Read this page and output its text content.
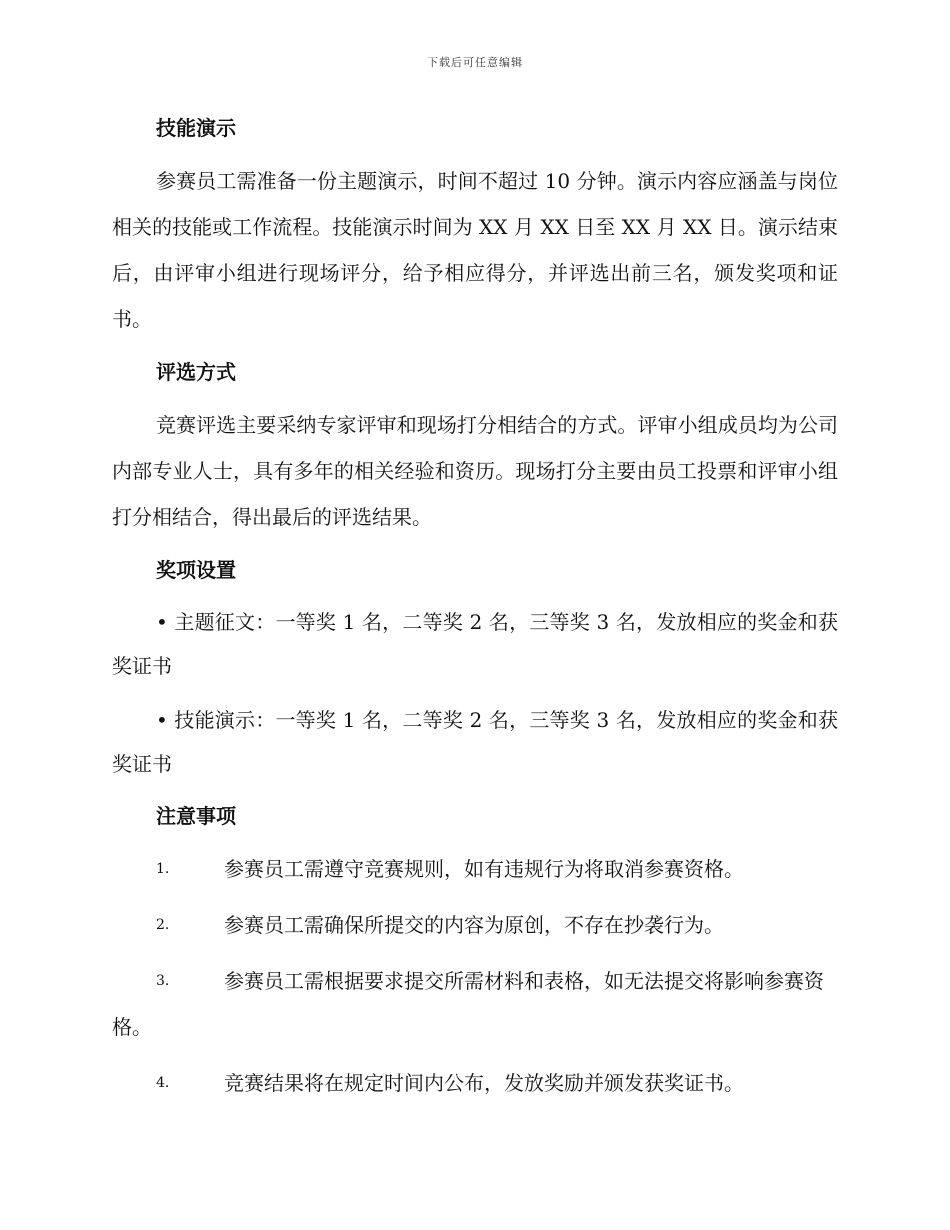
下载后可任意编辑
技能演示

参赛员工需准备一份主题演示，时间不超过 10 分钟。演示内容应涵盖与岗位相关的技能或工作流程。技能演示时间为 XX 月 XX 日至 XX 月 XX 日。演示结束后，由评审小组进行现场评分，给予相应得分，并评选出前三名，颁发奖项和证书。

评选方式

竞赛评选主要采纳专家评审和现场打分相结合的方式。评审小组成员均为公司内部专业人士，具有多年的相关经验和资历。现场打分主要由员工投票和评审小组打分相结合，得出最后的评选结果。

奖项设置

• 主题征文：一等奖 1 名，二等奖 2 名，三等奖 3 名，发放相应的奖金和获奖证书

• 技能演示：一等奖 1 名，二等奖 2 名，三等奖 3 名，发放相应的奖金和获奖证书

注意事项
1.	参赛员工需遵守竞赛规则，如有违规行为将取消参赛资格。
2.	参赛员工需确保所提交的内容为原创，不存在抄袭行为。
3.	参赛员工需根据要求提交所需材料和表格，如无法提交将影响参赛资格。
4.	竞赛结果将在规定时间内公布，发放奖励并颁发获奖证书。
